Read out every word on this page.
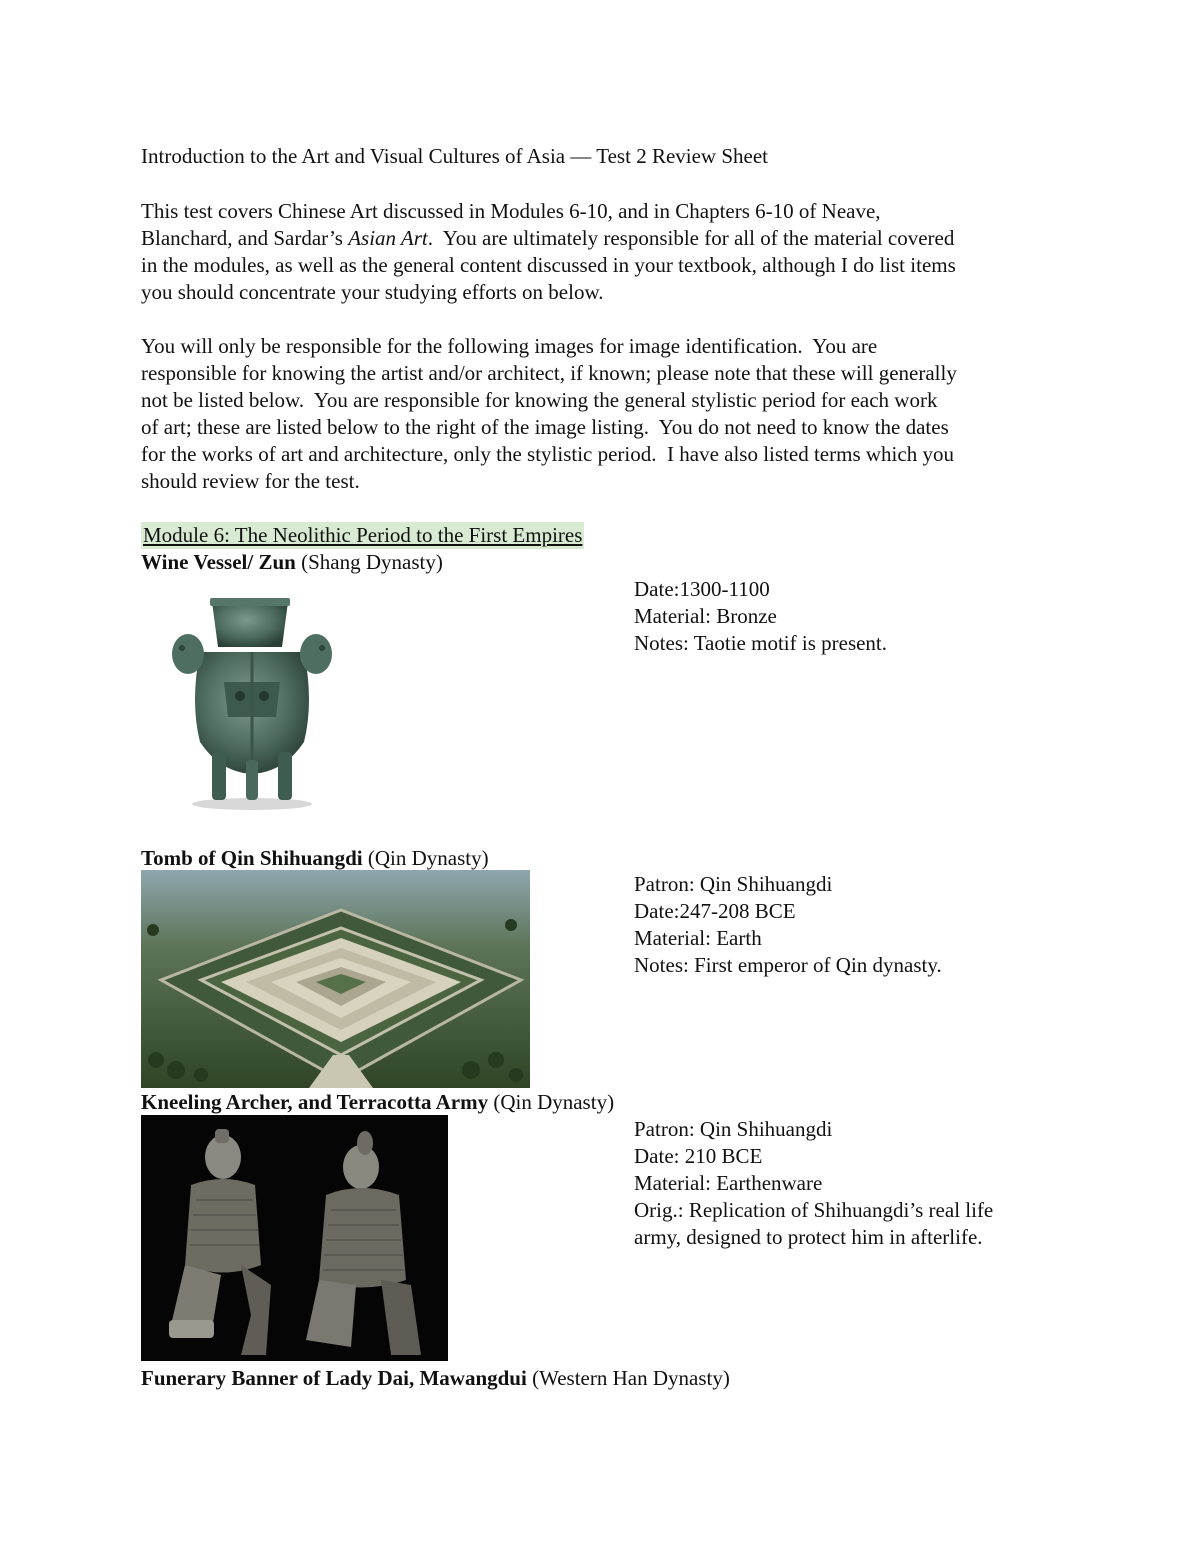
Introduction to the Art and Visual Cultures of Asia — Test 2 Review Sheet

This test covers Chinese Art discussed in Modules 6-10, and in Chapters 6-10 of Neave,

Blanchard, and Sardar’s Asian Art.  You are ultimately responsible for all of the material covered

in the modules, as well as the general content discussed in your textbook, although I do list items

you should concentrate your studying efforts on below.

You will only be responsible for the following images for image identification.  You are

responsible for knowing the artist and/or architect, if known; please note that these will generally

not be listed below.  You are responsible for knowing the general stylistic period for each work

of art; these are listed below to the right of the image listing.  You do not need to know the dates

for the works of art and architecture, only the stylistic period.  I have also listed terms which you

should review for the test.

Module 6: The Neolithic Period to the First Empires
Wine Vessel/ Zun (Shang Dynasty)
Date:1300-1100
Material: Bronze
Notes: Taotie motif is present.
Tomb of Qin Shihuangdi (Qin Dynasty)
Patron: Qin Shihuangdi
Date:247-208 BCE
Material: Earth
Notes: First emperor of Qin dynasty.
Kneeling Archer, and Terracotta Army (Qin Dynasty)
Patron: Qin Shihuangdi
Date: 210 BCE
Material: Earthenware
Orig.: Replication of Shihuangdi’s real life
army, designed to protect him in afterlife.
Funerary Banner of Lady Dai, Mawangdui (Western Han Dynasty)
